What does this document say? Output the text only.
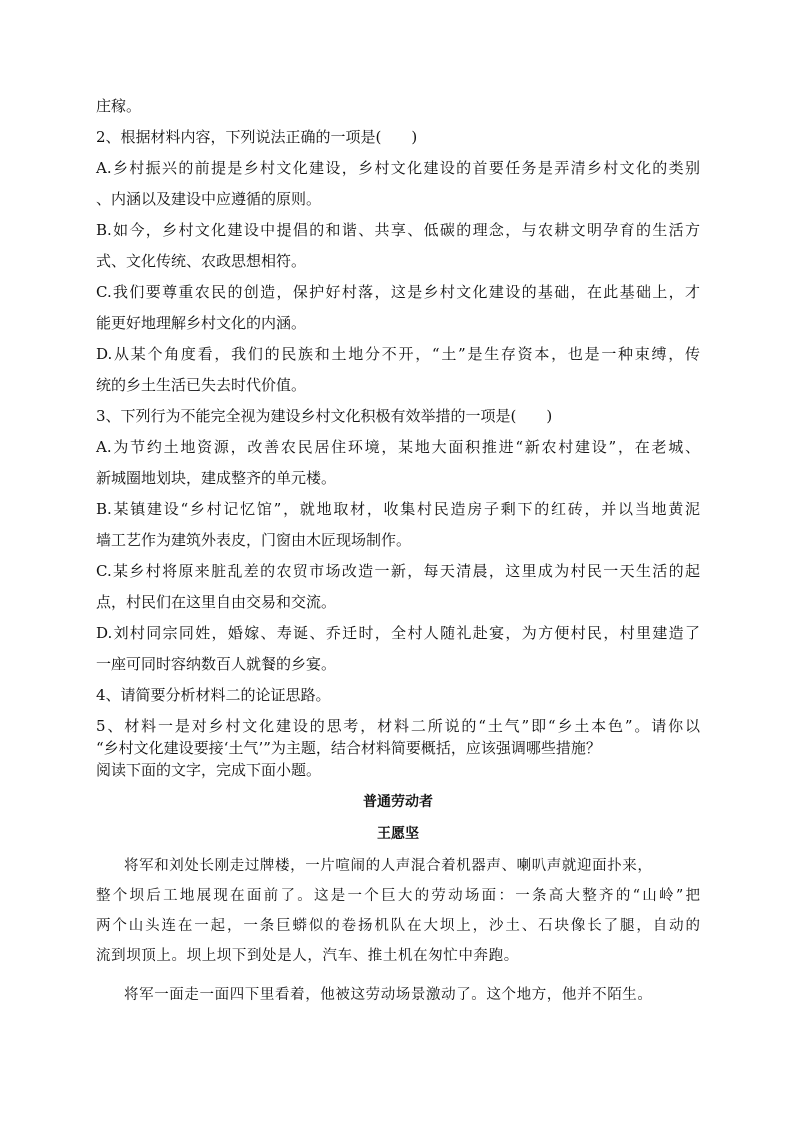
庄稼。
2、根据材料内容，下列说法正确的一项是(　　)
A.乡村振兴的前提是乡村文化建设，乡村文化建设的首要任务是弄清乡村文化的类别
、内涵以及建设中应遵循的原则。
B.如今，乡村文化建设中提倡的和谐、共享、低碳的理念，与农耕文明孕育的生活方
式、文化传统、农政思想相符。
C.我们要尊重农民的创造，保护好村落，这是乡村文化建设的基础，在此基础上，才
能更好地理解乡村文化的内涵。
D.从某个角度看，我们的民族和土地分不开，“土”是生存资本，也是一种束缚，传
统的乡土生活已失去时代价值。
3、下列行为不能完全视为建设乡村文化积极有效举措的一项是(　　)
A.为节约土地资源，改善农民居住环境，某地大面积推进“新农村建设”，在老城、
新城圈地划块，建成整齐的单元楼。
B.某镇建设“乡村记忆馆”，就地取材，收集村民造房子剩下的红砖，并以当地黄泥
墙工艺作为建筑外表皮，门窗由木匠现场制作。
C.某乡村将原来脏乱差的农贸市场改造一新，每天清晨，这里成为村民一天生活的起
点，村民们在这里自由交易和交流。
D.刘村同宗同姓，婚嫁、寿诞、乔迁时，全村人随礼赴宴，为方便村民，村里建造了
一座可同时容纳数百人就餐的乡宴。
4、请简要分析材料二的论证思路。
5、材料一是对乡村文化建设的思考，材料二所说的“土气”即“乡土本色”。请你以
“乡村文化建设要接‘土气’”为主题，结合材料简要概括，应该强调哪些措施？
阅读下面的文字，完成下面小题。
普通劳动者
王愿坚
将军和刘处长刚走过牌楼，一片喧闹的人声混合着机器声、喇叭声就迎面扑来，
整个坝后工地展现在面前了。这是一个巨大的劳动场面：一条高大整齐的“山岭”把
两个山头连在一起，一条巨蟒似的卷扬机队在大坝上，沙土、石块像长了腿，自动的
流到坝顶上。坝上坝下到处是人，汽车、推土机在匆忙中奔跑。
将军一面走一面四下里看着，他被这劳动场景激动了。这个地方，他并不陌生。
